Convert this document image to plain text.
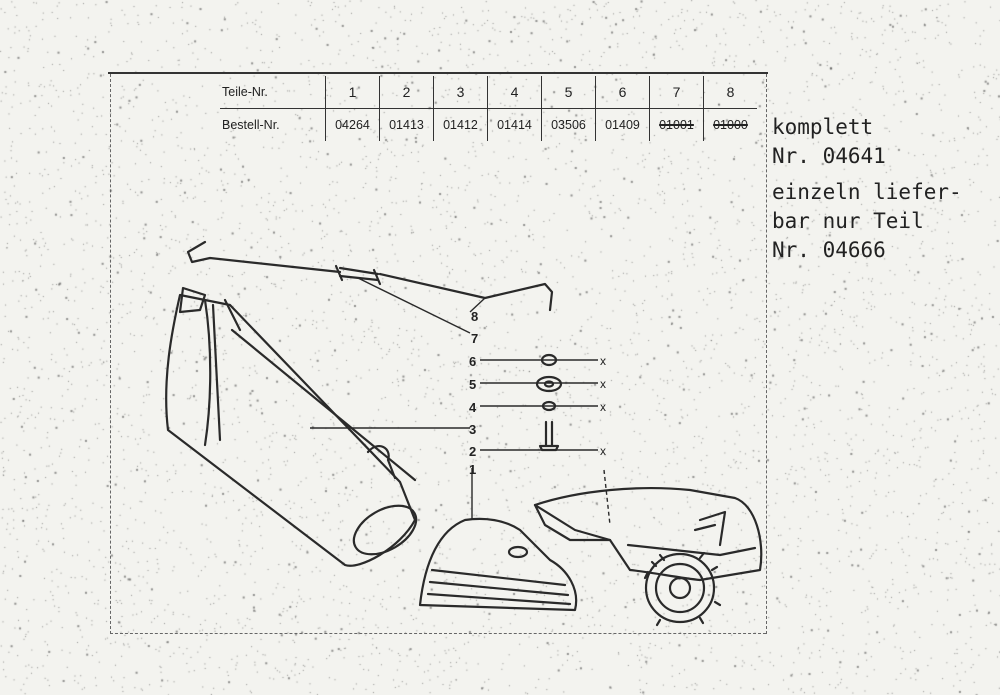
Teile-Nr.	1	2	3	4	5	6	7	8
Bestell-Nr.	04264	01413	01412	01414	03506	01409	01001	01000 komplett
Nr. 04641
einzeln liefer-
bar nur Teil
Nr. 04666
8
7
6
5
4
3
2
1
x
x
x
x
